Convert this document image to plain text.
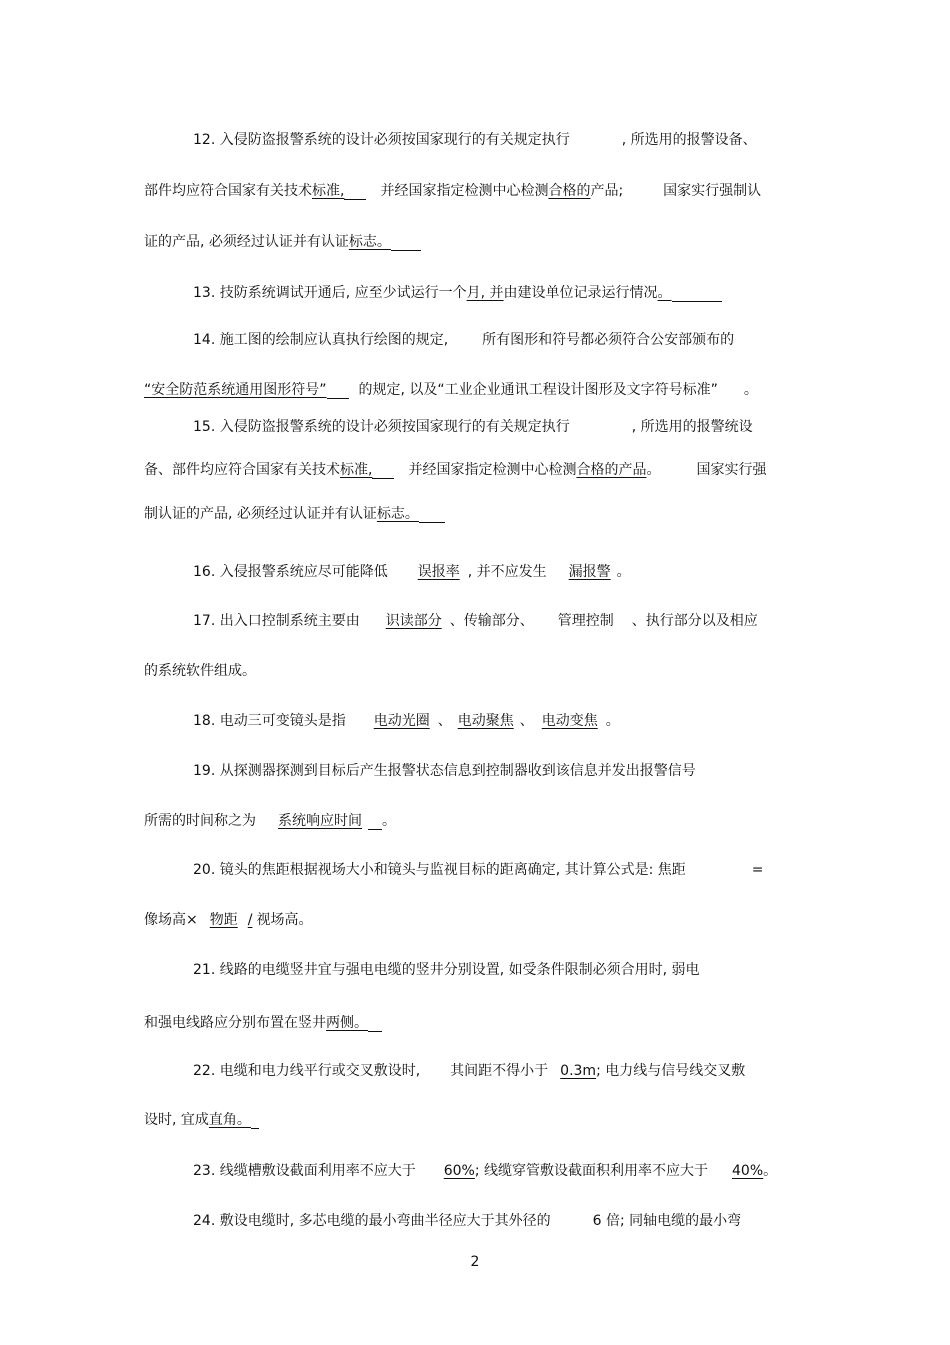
12. 入侵防盗报警系统的设计必须按国家现行的有关规定执行	, 所选用的报警设备、
部件均应符合国家有关技术标准,	并经国家指定检测中心检测合格的产品;	国家实行强制认
证的产品, 必须经过认证并有认证标志。
13. 技防系统调试开通后, 应至少试运行一个月, 并由建设单位记录运行情况。
14. 施工图的绘制应认真执行绘图的规定, 所有图形和符号都必须符合公安部颁布的
“安全防范系统通用图形符号” 的规定, 以及“工业企业通讯工程设计图形及文字符号标准” 。
15. 入侵防盗报警系统的设计必须按国家现行的有关规定执行	, 所选用的报警统设
备、部件均应符合国家有关技术标准,	并经国家指定检测中心检测合格的产品。	国家实行强
制认证的产品, 必须经过认证并有认证标志。
16. 入侵报警系统应尽可能降低 误报率 , 并不应发生 漏报警 。
17. 出入口控制系统主要由 识读部分 、传输部分、 管理控制 、执行部分以及相应
的系统软件组成。
18. 电动三可变镜头是指 电动光圈 、 电动聚焦 、 电动变焦 。
19. 从探测器探测到目标后产生报警状态信息到控制器收到该信息并发出报警信号
所需的时间称之为 系统响应时间 。
20. 镜头的焦距根据视场大小和镜头与监视目标的距离确定, 其计算公式是: 焦距	=
像场高× 物距 / 视场高。
21. 线路的电缆竖井宜与强电电缆的竖井分别设置, 如受条件限制必须合用时, 弱电
和强电线路应分别布置在竖井两侧。
22. 电缆和电力线平行或交叉敷设时, 其间距不得小于 0.3m; 电力线与信号线交叉敷
设时, 宜成直角。
23. 线缆槽敷设截面利用率不应大于 60%; 线缆穿管敷设截面积利用率不应大于 40%。
24. 敷设电缆时, 多芯电缆的最小弯曲半径应大于其外径的	6 倍; 同轴电缆的最小弯
2
